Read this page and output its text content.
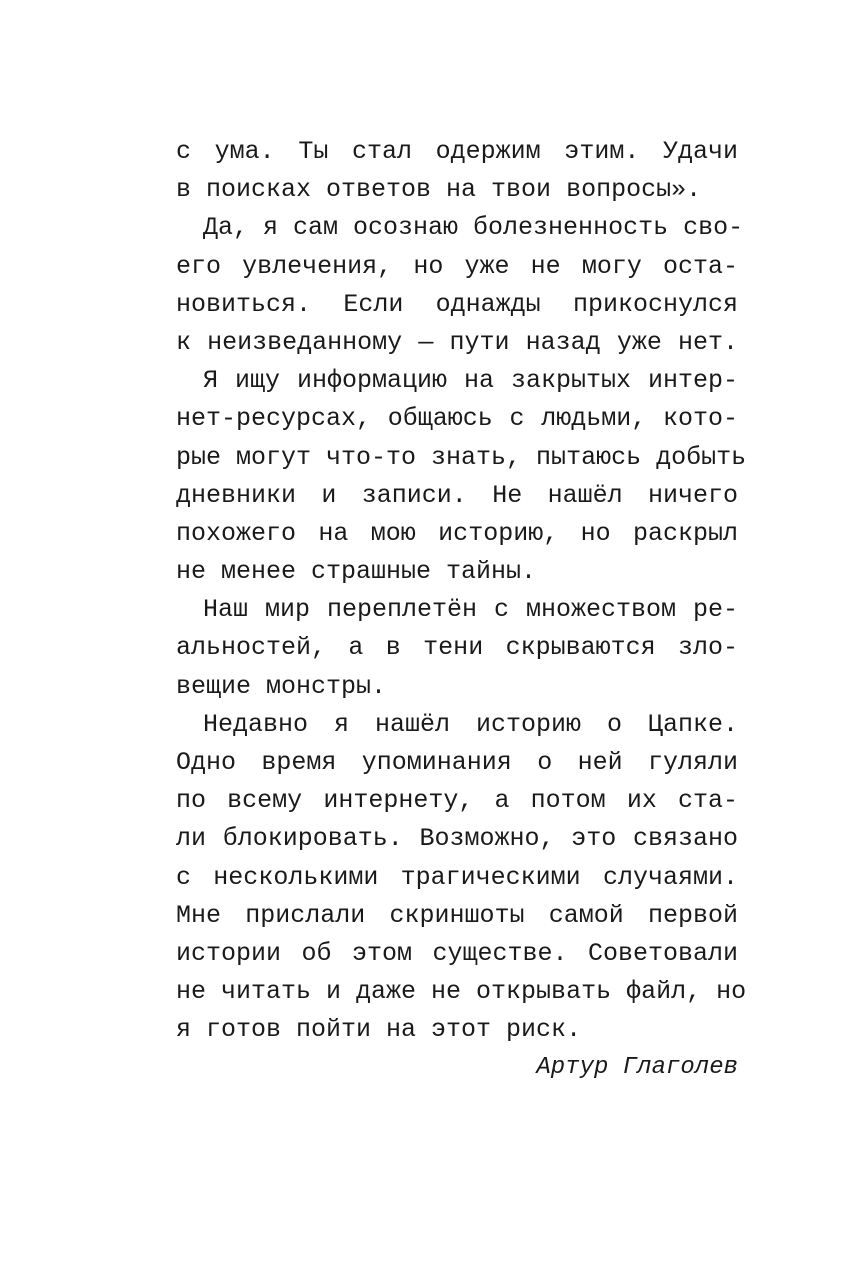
с ума. Ты стал одержим этим. Удачи
в поисках ответов на твои вопросы».
Да, я сам осознаю болезненность сво-
его увлечения, но уже не могу оста-
новиться. Если однажды прикоснулся
к неизведанному — пути назад уже нет.
Я ищу информацию на закрытых интер-
нет-ресурсах, общаюсь с людьми, кото-
рые могут что-то знать, пытаюсь добыть
дневники и записи. Не нашёл ничего
похожего на мою историю, но раскрыл
не менее страшные тайны.
Наш мир переплетён с множеством ре-
альностей, а в тени скрываются зло-
вещие монстры.
Недавно я нашёл историю о Цапке.
Одно время упоминания о ней гуляли
по всему интернету, а потом их ста-
ли блокировать. Возможно, это связано
с несколькими трагическими случаями.
Мне прислали скриншоты самой первой
истории об этом существе. Советовали
не читать и даже не открывать файл, но
я готов пойти на этот риск.
Артур Глаголев
